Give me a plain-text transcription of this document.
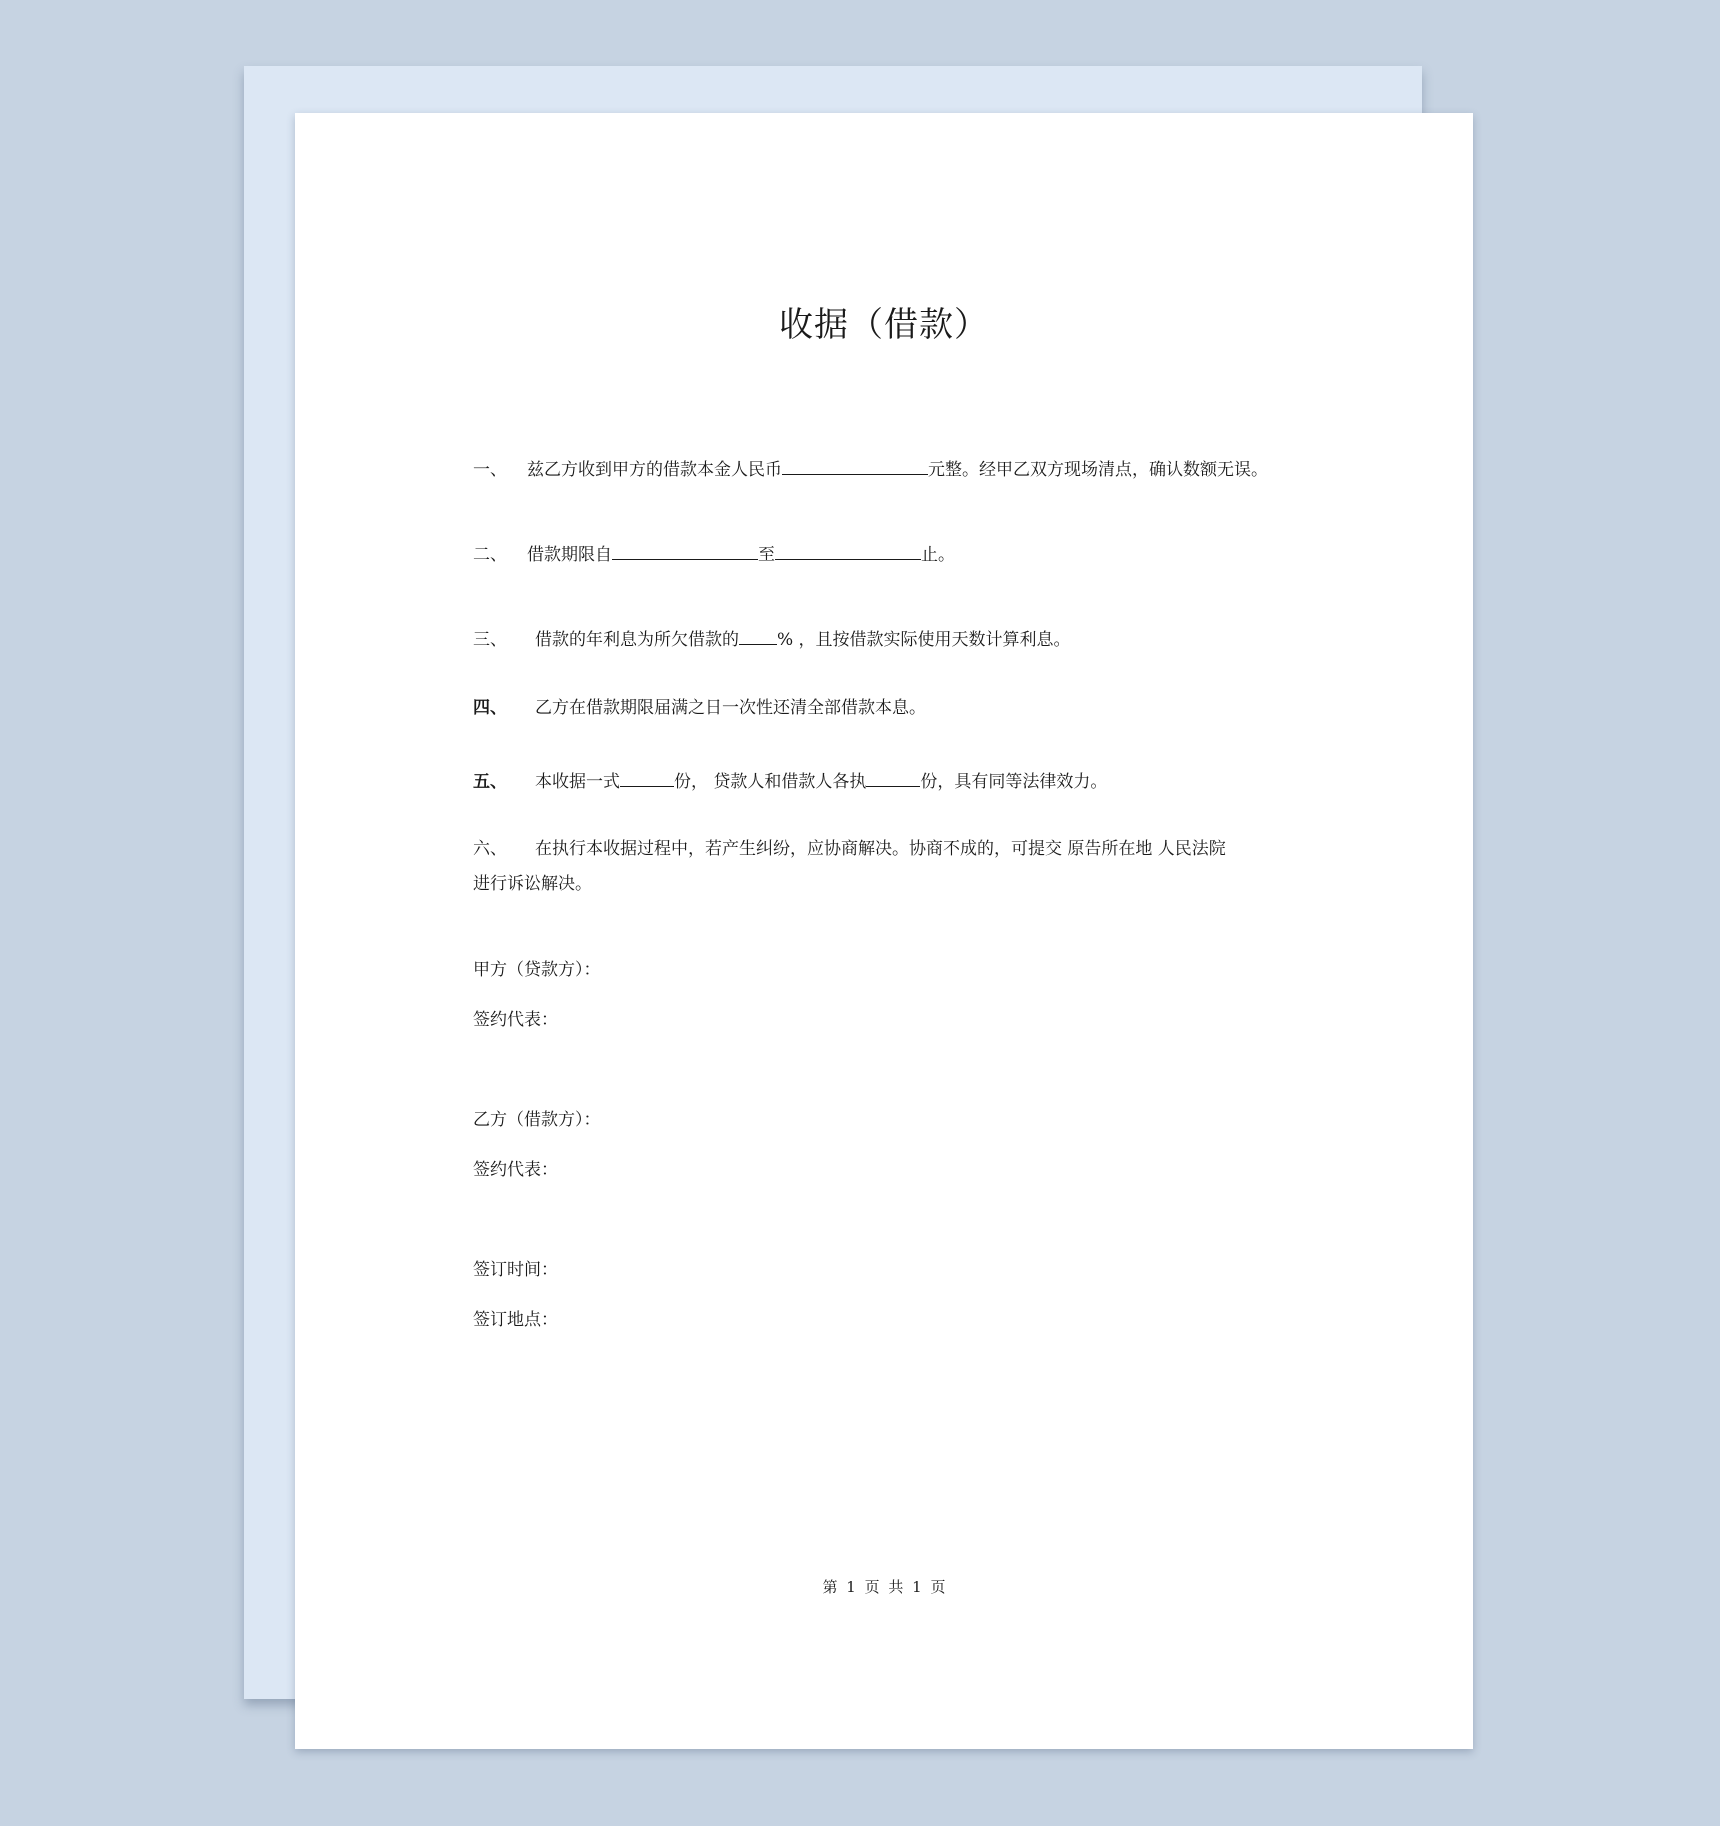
收据（借款）
一、 兹乙方收到甲方的借款本金人民币	元整。经甲乙双方现场清点，确认数额无误。
二、 借款期限自	至	止。
三、 借款的年利息为所欠借款的 % ，且按借款实际使用天数计算利息。
四、 乙方在借款期限届满之日一次性还清全部借款本息。
五、 本收据一式	份， 贷款人和借款人各执	份，具有同等法律效力。
六、 在执行本收据过程中，若产生纠纷，应协商解决。协商不成的，可提交 原告所在地 人民法院
进行诉讼解决。
甲方（贷款方）：
签约代表：
乙方（借款方）：
签约代表：
签订时间：
签订地点：
第 1 页 共 1 页
